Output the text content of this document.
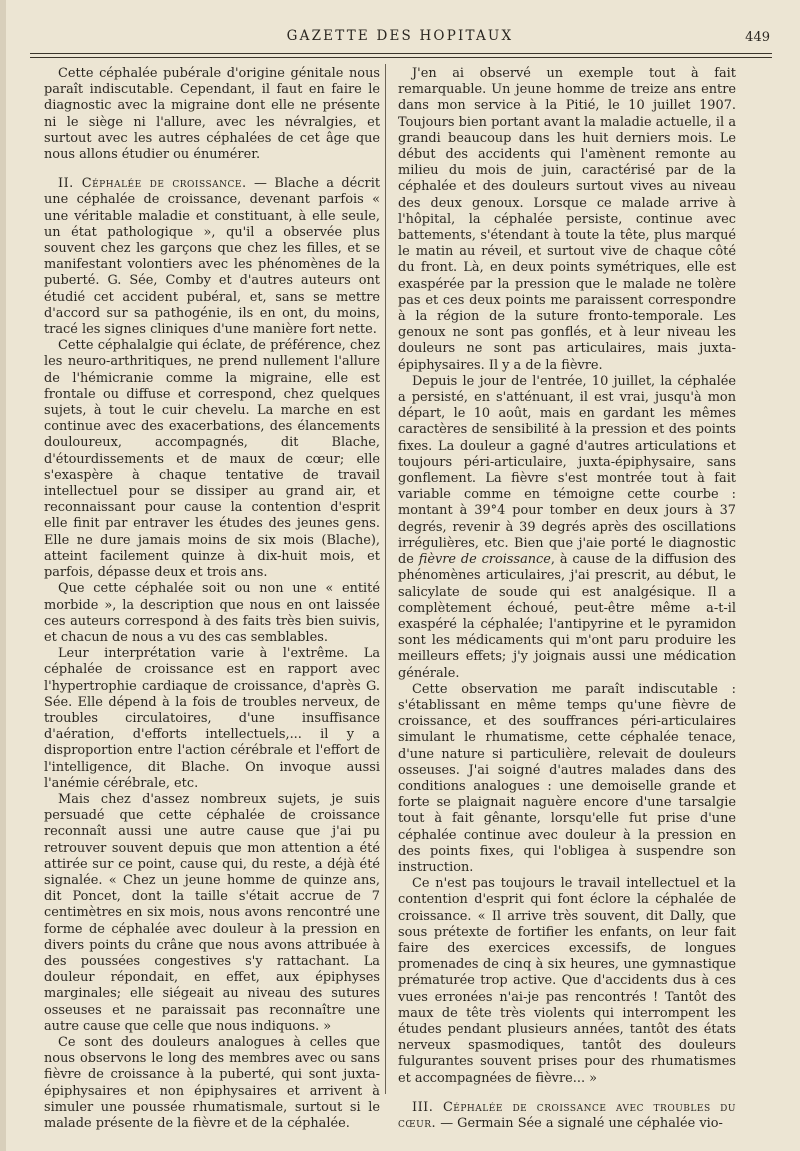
GAZETTE DES HOPITAUX	449

Cette céphalée pubérale d'origine génitale nous paraît indiscutable. Cependant, il faut en faire le diagnostic avec la migraine dont elle ne présente ni le siège ni l'allure, avec les névralgies, et surtout avec les autres céphalées de cet âge que nous allons étudier ou énumérer.

II. Céphalée de croissance. — Blache a décrit une céphalée de croissance, devenant parfois « une véritable maladie et constituant, à elle seule, un état pathologique », qu'il a observée plus souvent chez les garçons que chez les filles, et se manifestant volontiers avec les phénomènes de la puberté. G. Sée, Comby et d'autres auteurs ont étudié cet accident pubéral, et, sans se mettre d'accord sur sa pathogénie, ils en ont, du moins, tracé les signes cliniques d'une manière fort nette.

Cette céphalalgie qui éclate, de préférence, chez les neuro-arthritiques, ne prend nullement l'allure de l'hémicranie comme la migraine, elle est frontale ou diffuse et correspond, chez quelques sujets, à tout le cuir chevelu. La marche en est continue avec des exacerbations, des élancements douloureux, accompagnés, dit Blache, d'étourdissements et de maux de cœur; elle s'exaspère à chaque tentative de travail intellectuel pour se dissiper au grand air, et reconnaissant pour cause la contention d'esprit elle finit par entraver les études des jeunes gens. Elle ne dure jamais moins de six mois (Blache), atteint facilement quinze à dix-huit mois, et parfois, dépasse deux et trois ans.

Que cette céphalée soit ou non une « entité morbide », la description que nous en ont laissée ces auteurs correspond à des faits très bien suivis, et chacun de nous a vu des cas semblables.

Leur interprétation varie à l'extrême. La céphalée de croissance est en rapport avec l'hypertrophie cardiaque de croissance, d'après G. Sée. Elle dépend à la fois de troubles nerveux, de troubles circulatoires, d'une insuffisance d'aération, d'efforts intellectuels,... il y a disproportion entre l'action cérébrale et l'effort de l'intelligence, dit Blache. On invoque aussi l'anémie cérébrale, etc.

Mais chez d'assez nombreux sujets, je suis persuadé que cette céphalée de croissance reconnaît aussi une autre cause que j'ai pu retrouver souvent depuis que mon attention a été attirée sur ce point, cause qui, du reste, a déjà été signalée. « Chez un jeune homme de quinze ans, dit Poncet, dont la taille s'était accrue de 7 centimètres en six mois, nous avons rencontré une forme de céphalée avec douleur à la pression en divers points du crâne que nous avons attribuée à des poussées congestives s'y rattachant. La douleur répondait, en effet, aux épiphyses marginales; elle siégeait au niveau des sutures osseuses et ne paraissait pas reconnaître une autre cause que celle que nous indiquons. »

Ce sont des douleurs analogues à celles que nous observons le long des membres avec ou sans fièvre de croissance à la puberté, qui sont juxta-épiphysaires et non épiphysaires et arrivent à simuler une poussée rhumatismale, surtout si le malade présente de la fièvre et de la céphalée.

J'en ai observé un exemple tout à fait remarquable. Un jeune homme de treize ans entre dans mon service à la Pitié, le 10 juillet 1907. Toujours bien portant avant la maladie actuelle, il a grandi beaucoup dans les huit derniers mois. Le début des accidents qui l'amènent remonte au milieu du mois de juin, caractérisé par de la céphalée et des douleurs surtout vives au niveau des deux genoux. Lorsque ce malade arrive à l'hôpital, la céphalée persiste, continue avec battements, s'étendant à toute la tête, plus marqué le matin au réveil, et surtout vive de chaque côté du front. Là, en deux points symétriques, elle est exaspérée par la pression que le malade ne tolère pas et ces deux points me paraissent correspondre à la région de la suture fronto-temporale. Les genoux ne sont pas gonflés, et à leur niveau les douleurs ne sont pas articulaires, mais juxta-épiphysaires. Il y a de la fièvre.

Depuis le jour de l'entrée, 10 juillet, la céphalée a persisté, en s'atténuant, il est vrai, jusqu'à mon départ, le 10 août, mais en gardant les mêmes caractères de sensibilité à la pression et des points fixes. La douleur a gagné d'autres articulations et toujours péri-articulaire, juxta-épiphysaire, sans gonflement. La fièvre s'est montrée tout à fait variable comme en témoigne cette courbe : montant à 39°4 pour tomber en deux jours à 37 degrés, revenir à 39 degrés après des oscillations irrégulières, etc. Bien que j'aie porté le diagnostic de fièvre de croissance, à cause de la diffusion des phénomènes articulaires, j'ai prescrit, au début, le salicylate de soude qui est analgésique. Il a complètement échoué, peut-être même a-t-il exaspéré la céphalée; l'antipyrine et le pyramidon sont les médicaments qui m'ont paru produire les meilleurs effets; j'y joignais aussi une médication générale.

Cette observation me paraît indiscutable : s'établissant en même temps qu'une fièvre de croissance, et des souffrances péri-articulaires simulant le rhumatisme, cette céphalée tenace, d'une nature si particulière, relevait de douleurs osseuses. J'ai soigné d'autres malades dans des conditions analogues : une demoiselle grande et forte se plaignait naguère encore d'une tarsalgie tout à fait gênante, lorsqu'elle fut prise d'une céphalée continue avec douleur à la pression en des points fixes, qui l'obligea à suspendre son instruction.

Ce n'est pas toujours le travail intellectuel et la contention d'esprit qui font éclore la céphalée de croissance. « Il arrive très souvent, dit Dally, que sous prétexte de fortifier les enfants, on leur fait faire des exercices excessifs, de longues promenades de cinq à six heures, une gymnastique prématurée trop active. Que d'accidents dus à ces vues erronées n'ai-je pas rencontrés ! Tantôt des maux de tête très violents qui interrompent les études pendant plusieurs années, tantôt des états nerveux spasmodiques, tantôt des douleurs fulgurantes souvent prises pour des rhumatismes et accompagnées de fièvre... »

III. Céphalée de croissance avec troubles du cœur. — Germain Sée a signalé une céphalée vio-
